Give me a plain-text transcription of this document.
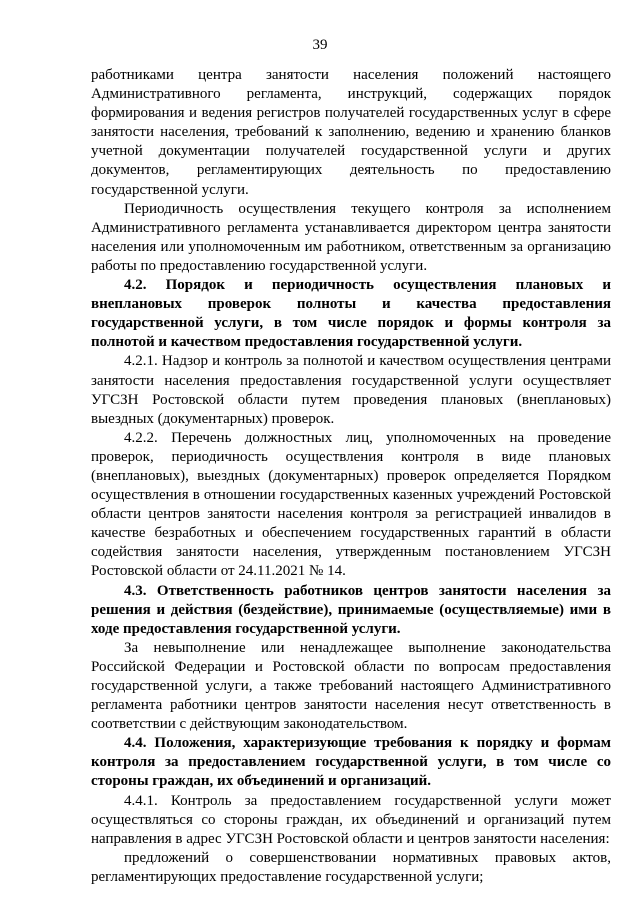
39

работниками центра занятости населения положений настоящего Административного регламента, инструкций, содержащих порядок формирования и ведения регистров получателей государственных услуг в сфере занятости населения, требований к заполнению, ведению и хранению бланков учетной документации получателей государственной услуги и других документов, регламентирующих деятельность по предоставлению государственной услуги.

Периодичность осуществления текущего контроля за исполнением Административного регламента устанавливается директором центра занятости населения или уполномоченным им работником, ответственным за организацию работы по предоставлению государственной услуги.

4.2. Порядок и периодичность осуществления плановых и внеплановых проверок полноты и качества предоставления государственной услуги, в том числе порядок и формы контроля за полнотой и качеством предоставления государственной услуги.

4.2.1. Надзор и контроль за полнотой и качеством осуществления центрами занятости населения предоставления государственной услуги осуществляет УГСЗН Ростовской области путем проведения плановых (внеплановых) выездных (документарных) проверок.

4.2.2. Перечень должностных лиц, уполномоченных на проведение проверок, периодичность осуществления контроля в виде плановых (внеплановых), выездных (документарных) проверок определяется Порядком осуществления в отношении государственных казенных учреждений Ростовской области центров занятости населения контроля за регистрацией инвалидов в качестве безработных и обеспечением государственных гарантий в области содействия занятости населения, утвержденным постановлением УГСЗН Ростовской области от 24.11.2021 № 14.

4.3. Ответственность работников центров занятости населения за решения и действия (бездействие), принимаемые (осуществляемые) ими в ходе предоставления государственной услуги.

За невыполнение или ненадлежащее выполнение законодательства Российской Федерации и Ростовской области по вопросам предоставления государственной услуги, а также требований настоящего Административного регламента работники центров занятости населения несут ответственность в соответствии с действующим законодательством.

4.4. Положения, характеризующие требования к порядку и формам контроля за предоставлением государственной услуги, в том числе со стороны граждан, их объединений и организаций.

4.4.1. Контроль за предоставлением государственной услуги может осуществляться со стороны граждан, их объединений и организаций путем направления в адрес УГСЗН Ростовской области и центров занятости населения:

предложений о совершенствовании нормативных правовых актов, регламентирующих предоставление государственной услуги;
